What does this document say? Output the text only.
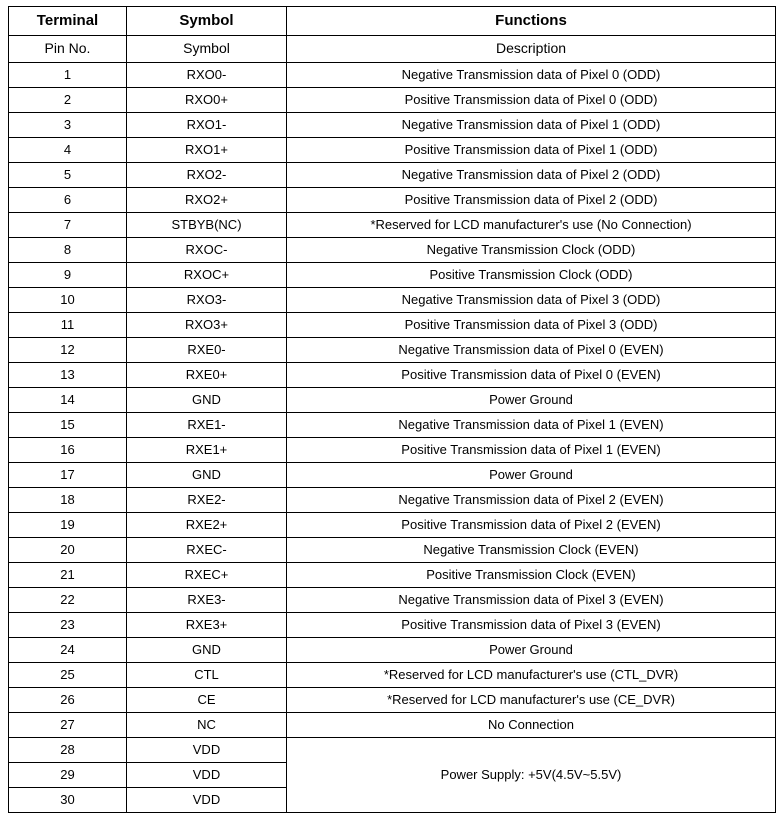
Terminal	Symbol	Functions
Pin No.	Symbol	Description
1	RXO0-	Negative Transmission data of Pixel 0 (ODD)
2	RXO0+	Positive Transmission data of Pixel 0 (ODD)
3	RXO1-	Negative Transmission data of Pixel 1 (ODD)
4	RXO1+	Positive Transmission data of Pixel 1 (ODD)
5	RXO2-	Negative Transmission data of Pixel 2 (ODD)
6	RXO2+	Positive Transmission data of Pixel 2 (ODD)
7	STBYB(NC)	*Reserved for LCD manufacturer's use (No Connection)
8	RXOC-	Negative Transmission Clock (ODD)
9	RXOC+	Positive Transmission Clock (ODD)
10	RXO3-	Negative Transmission data of Pixel 3 (ODD)
11	RXO3+	Positive Transmission data of Pixel 3 (ODD)
12	RXE0-	Negative Transmission data of Pixel 0 (EVEN)
13	RXE0+	Positive Transmission data of Pixel 0 (EVEN)
14	GND	Power Ground
15	RXE1-	Negative Transmission data of Pixel 1 (EVEN)
16	RXE1+	Positive Transmission data of Pixel 1 (EVEN)
17	GND	Power Ground
18	RXE2-	Negative Transmission data of Pixel 2 (EVEN)
19	RXE2+	Positive Transmission data of Pixel 2 (EVEN)
20	RXEC-	Negative Transmission Clock (EVEN)
21	RXEC+	Positive Transmission Clock (EVEN)
22	RXE3-	Negative Transmission data of Pixel 3 (EVEN)
23	RXE3+	Positive Transmission data of Pixel 3 (EVEN)
24	GND	Power Ground
25	CTL	*Reserved for LCD manufacturer's use (CTL_DVR)
26	CE	*Reserved for LCD manufacturer's use (CE_DVR)
27	NC	No Connection
28	VDD	Power Supply: +5V(4.5V~5.5V)
29	VDD	
30	VDD	
